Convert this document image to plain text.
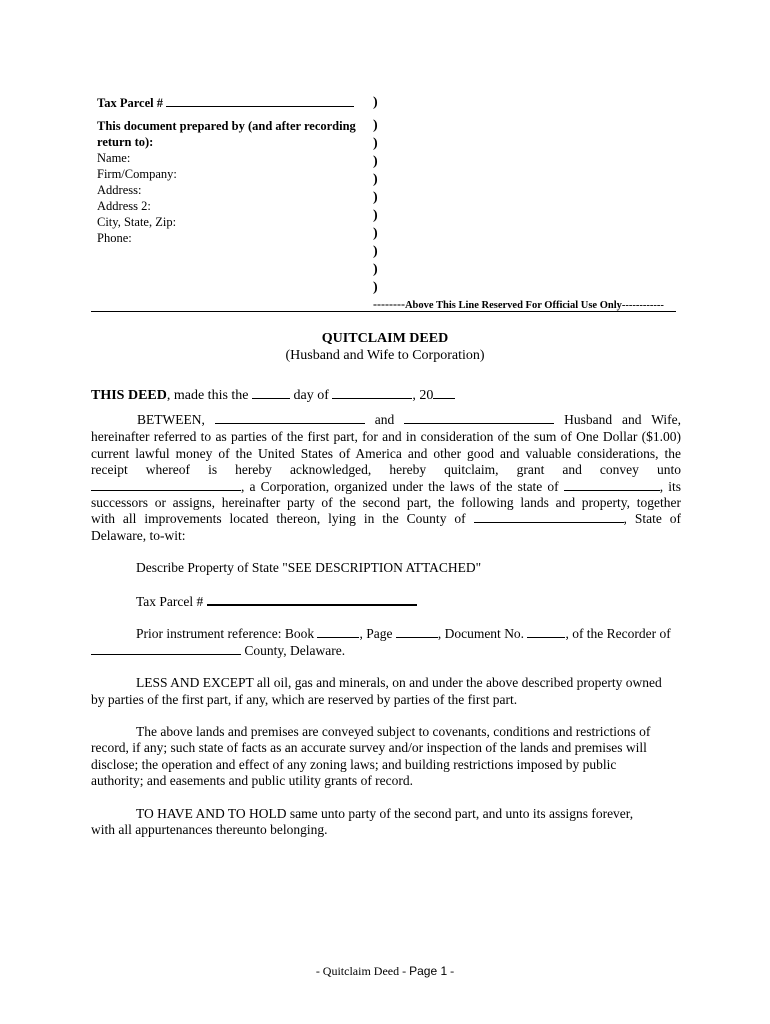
Tax Parcel #
This document prepared by (and after recording
return to):
Name:
Firm/Company:
Address:
Address 2:
City, State, Zip:
Phone:
)
)
)
)
)
)
)
)
)
)
)
--------Above This Line Reserved For Official Use Only------------
QUITCLAIM DEED
(Husband and Wife to Corporation)
THIS DEED, made this the	day of	, 20
BETWEEN,	and	Husband and Wife,
hereinafter referred to as parties of the first part, for and in consideration of the sum of One Dollar ($1.00)
current lawful money of the United States of America and other good and valuable considerations, the
receipt whereof is hereby acknowledged, hereby quitclaim, grant and convey unto
, a Corporation, organized under the laws of the state of	, its
successors or assigns, hereinafter party of the second part, the following lands and property, together
with all improvements located thereon, lying in the County of	, State of
Delaware, to-wit:
Describe Property of State "SEE DESCRIPTION ATTACHED"
Tax Parcel #
Prior instrument reference: Book	, Page	, Document No.	, of the Recorder of
County, Delaware.
LESS AND EXCEPT all oil, gas and minerals, on and under the above described property owned
by parties of the first part, if any, which are reserved by parties of the first part.
The above lands and premises are conveyed subject to covenants, conditions and restrictions of
record, if any; such state of facts as an accurate survey and/or inspection of the lands and premises will
disclose; the operation and effect of any zoning laws; and building restrictions imposed by public
authority; and easements and public utility grants of record.
TO HAVE AND TO HOLD same unto party of the second part, and unto its assigns forever,
with all appurtenances thereunto belonging.
- Quitclaim Deed - Page 1 -
